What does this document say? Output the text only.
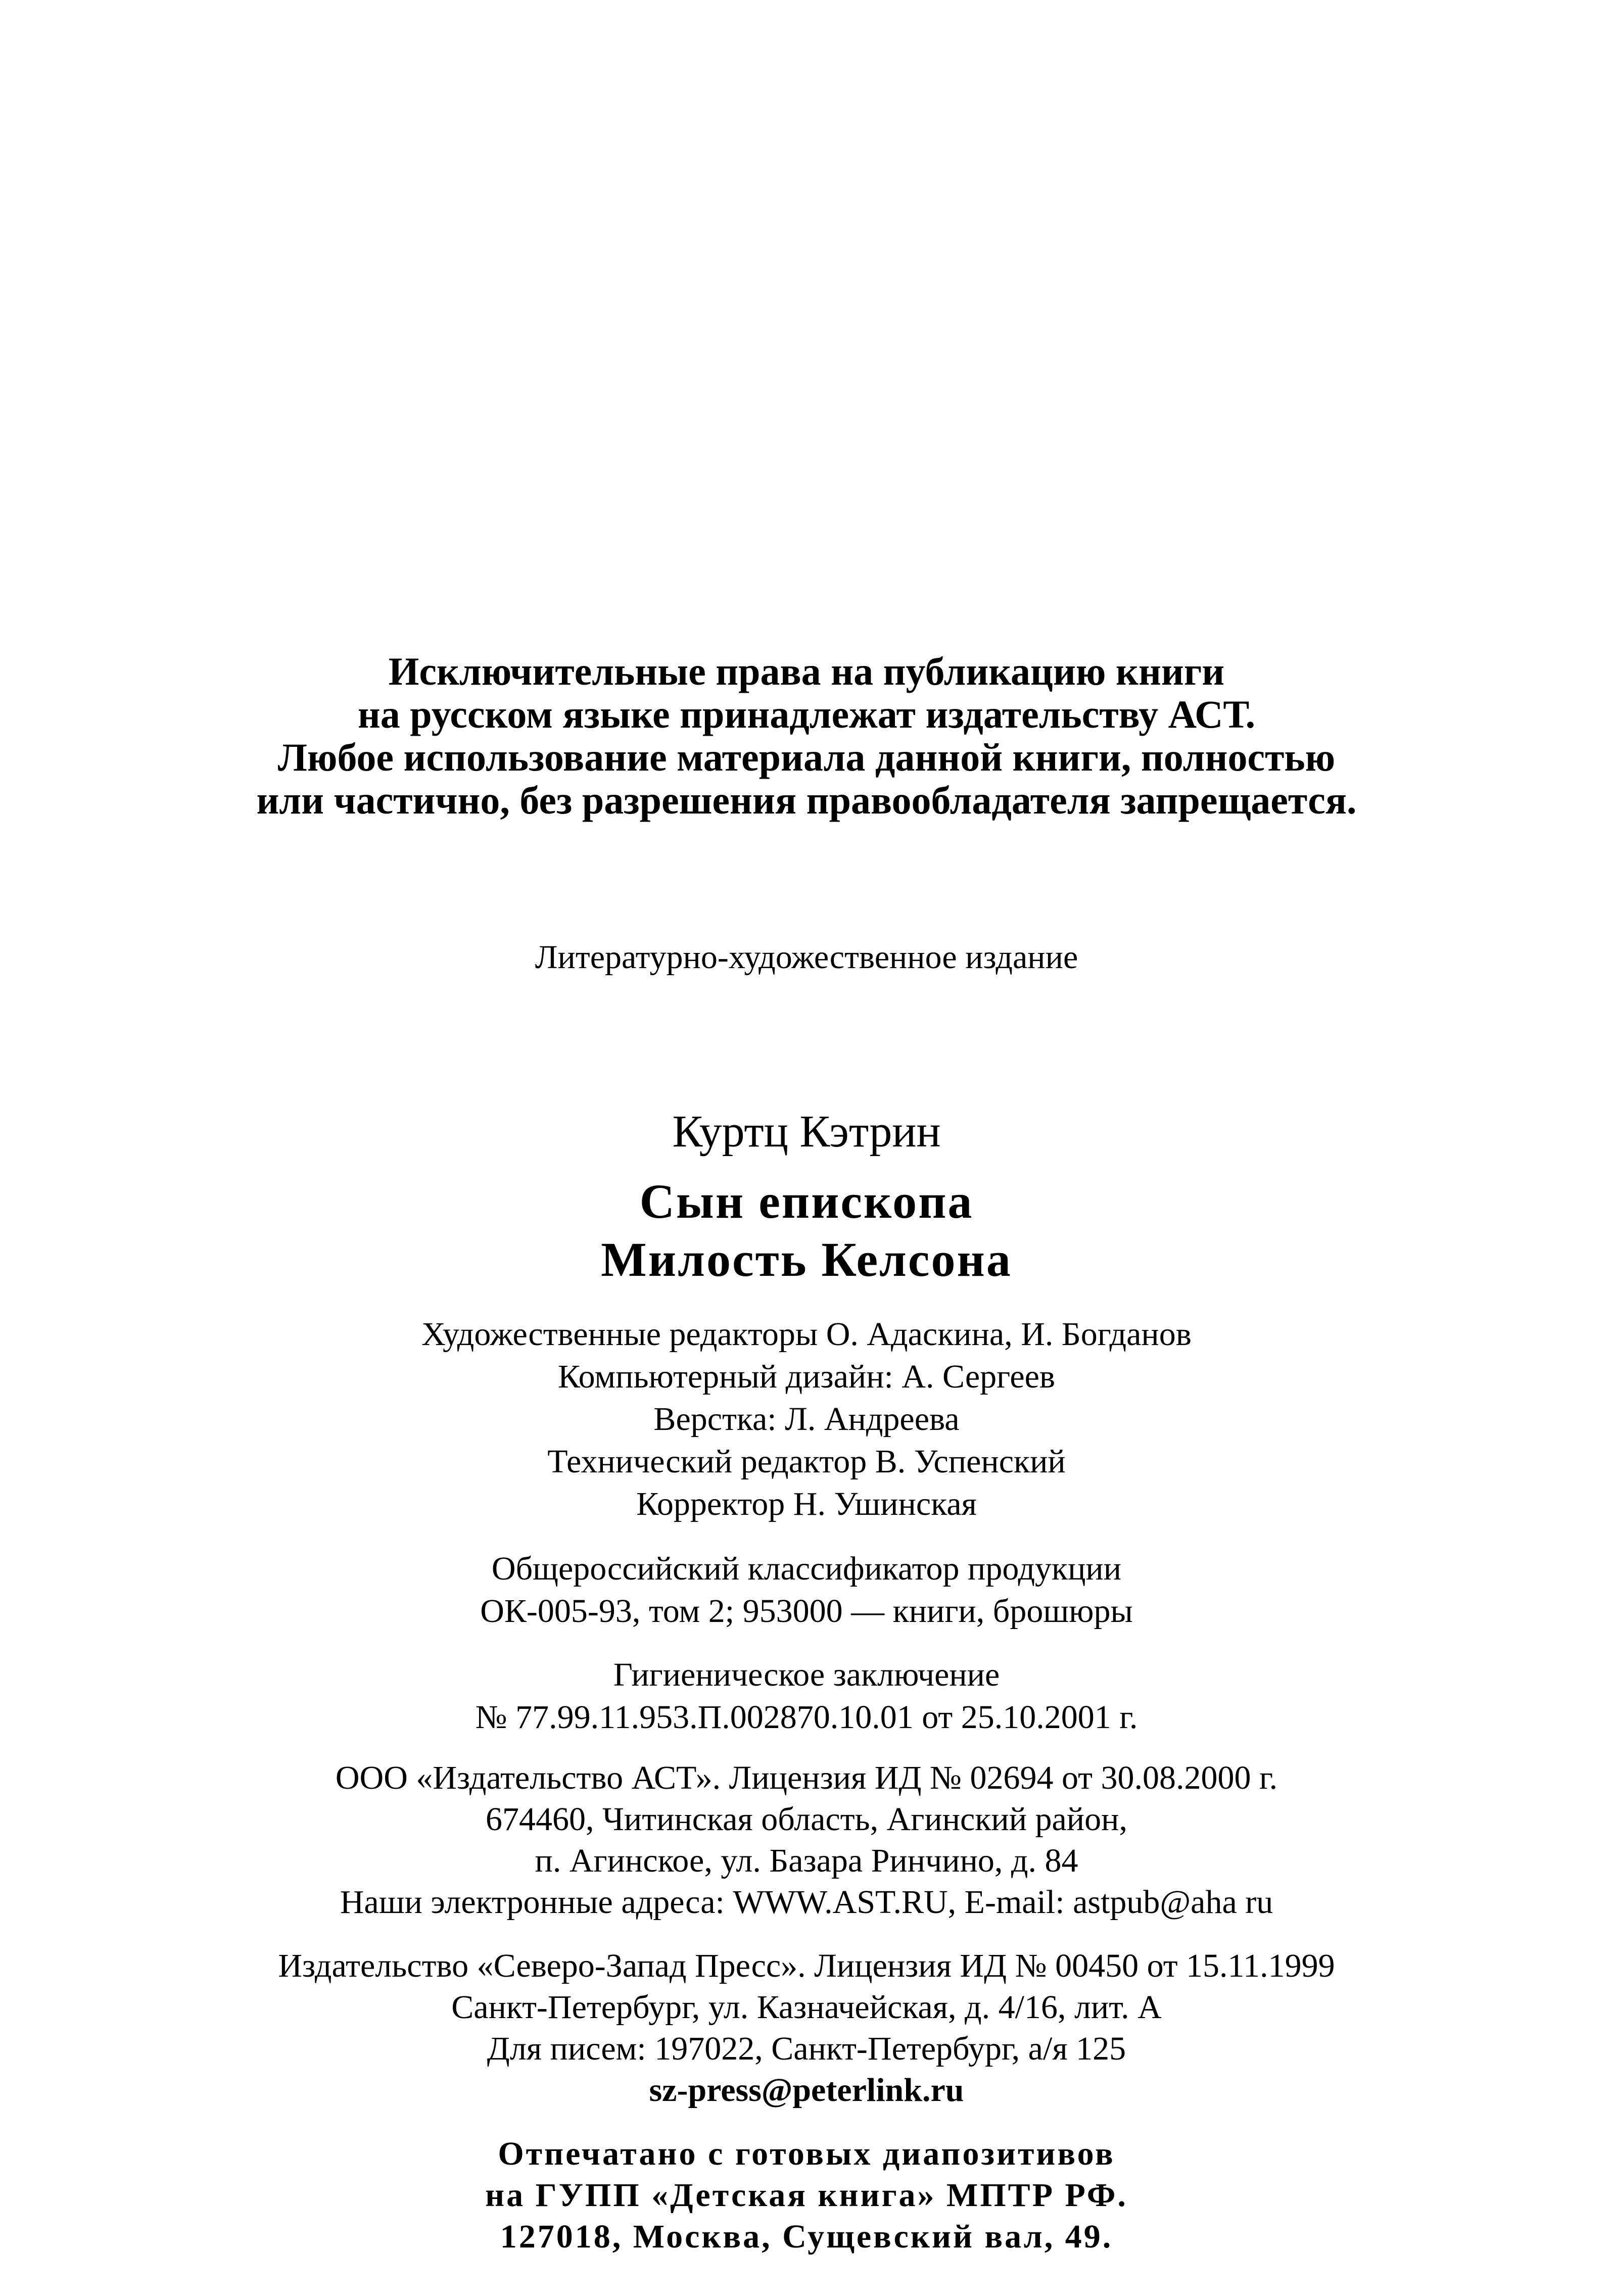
Исключительные права на публикацию книги
на русском языке принадлежат издательству АСТ.
Любое использование материала данной книги, полностью
или частично, без разрешения правообладателя запрещается.
Литературно-художественное издание
Куртц Кэтрин
Сын епископа
Милость Келсона
Художественные редакторы О. Адаскина, И. Богданов
Компьютерный дизайн: А. Сергеев
Верстка: Л. Андреева
Технический редактор В. Успенский
Корректор Н. Ушинская
Общероссийский классификатор продукции
ОК-005-93, том 2; 953000 — книги, брошюры
Гигиеническое заключение
№ 77.99.11.953.П.002870.10.01 от 25.10.2001 г.
ООО «Издательство АСТ». Лицензия ИД № 02694 от 30.08.2000 г.
674460, Читинская область, Агинский район,
п. Агинское, ул. Базара Ринчино, д. 84
Наши электронные адреса: WWW.AST.RU, E-mail: astpub@aha ru
Издательство «Северо-Запад Пресс». Лицензия ИД № 00450 от 15.11.1999
Санкт-Петербург, ул. Казначейская, д. 4/16, лит. А
Для писем: 197022, Санкт-Петербург, а/я 125
sz-press@peterlink.ru
Отпечатано с готовых диапозитивов
на ГУПП «Детская книга» МПТР РФ.
127018, Москва, Сущевский вал, 49.
